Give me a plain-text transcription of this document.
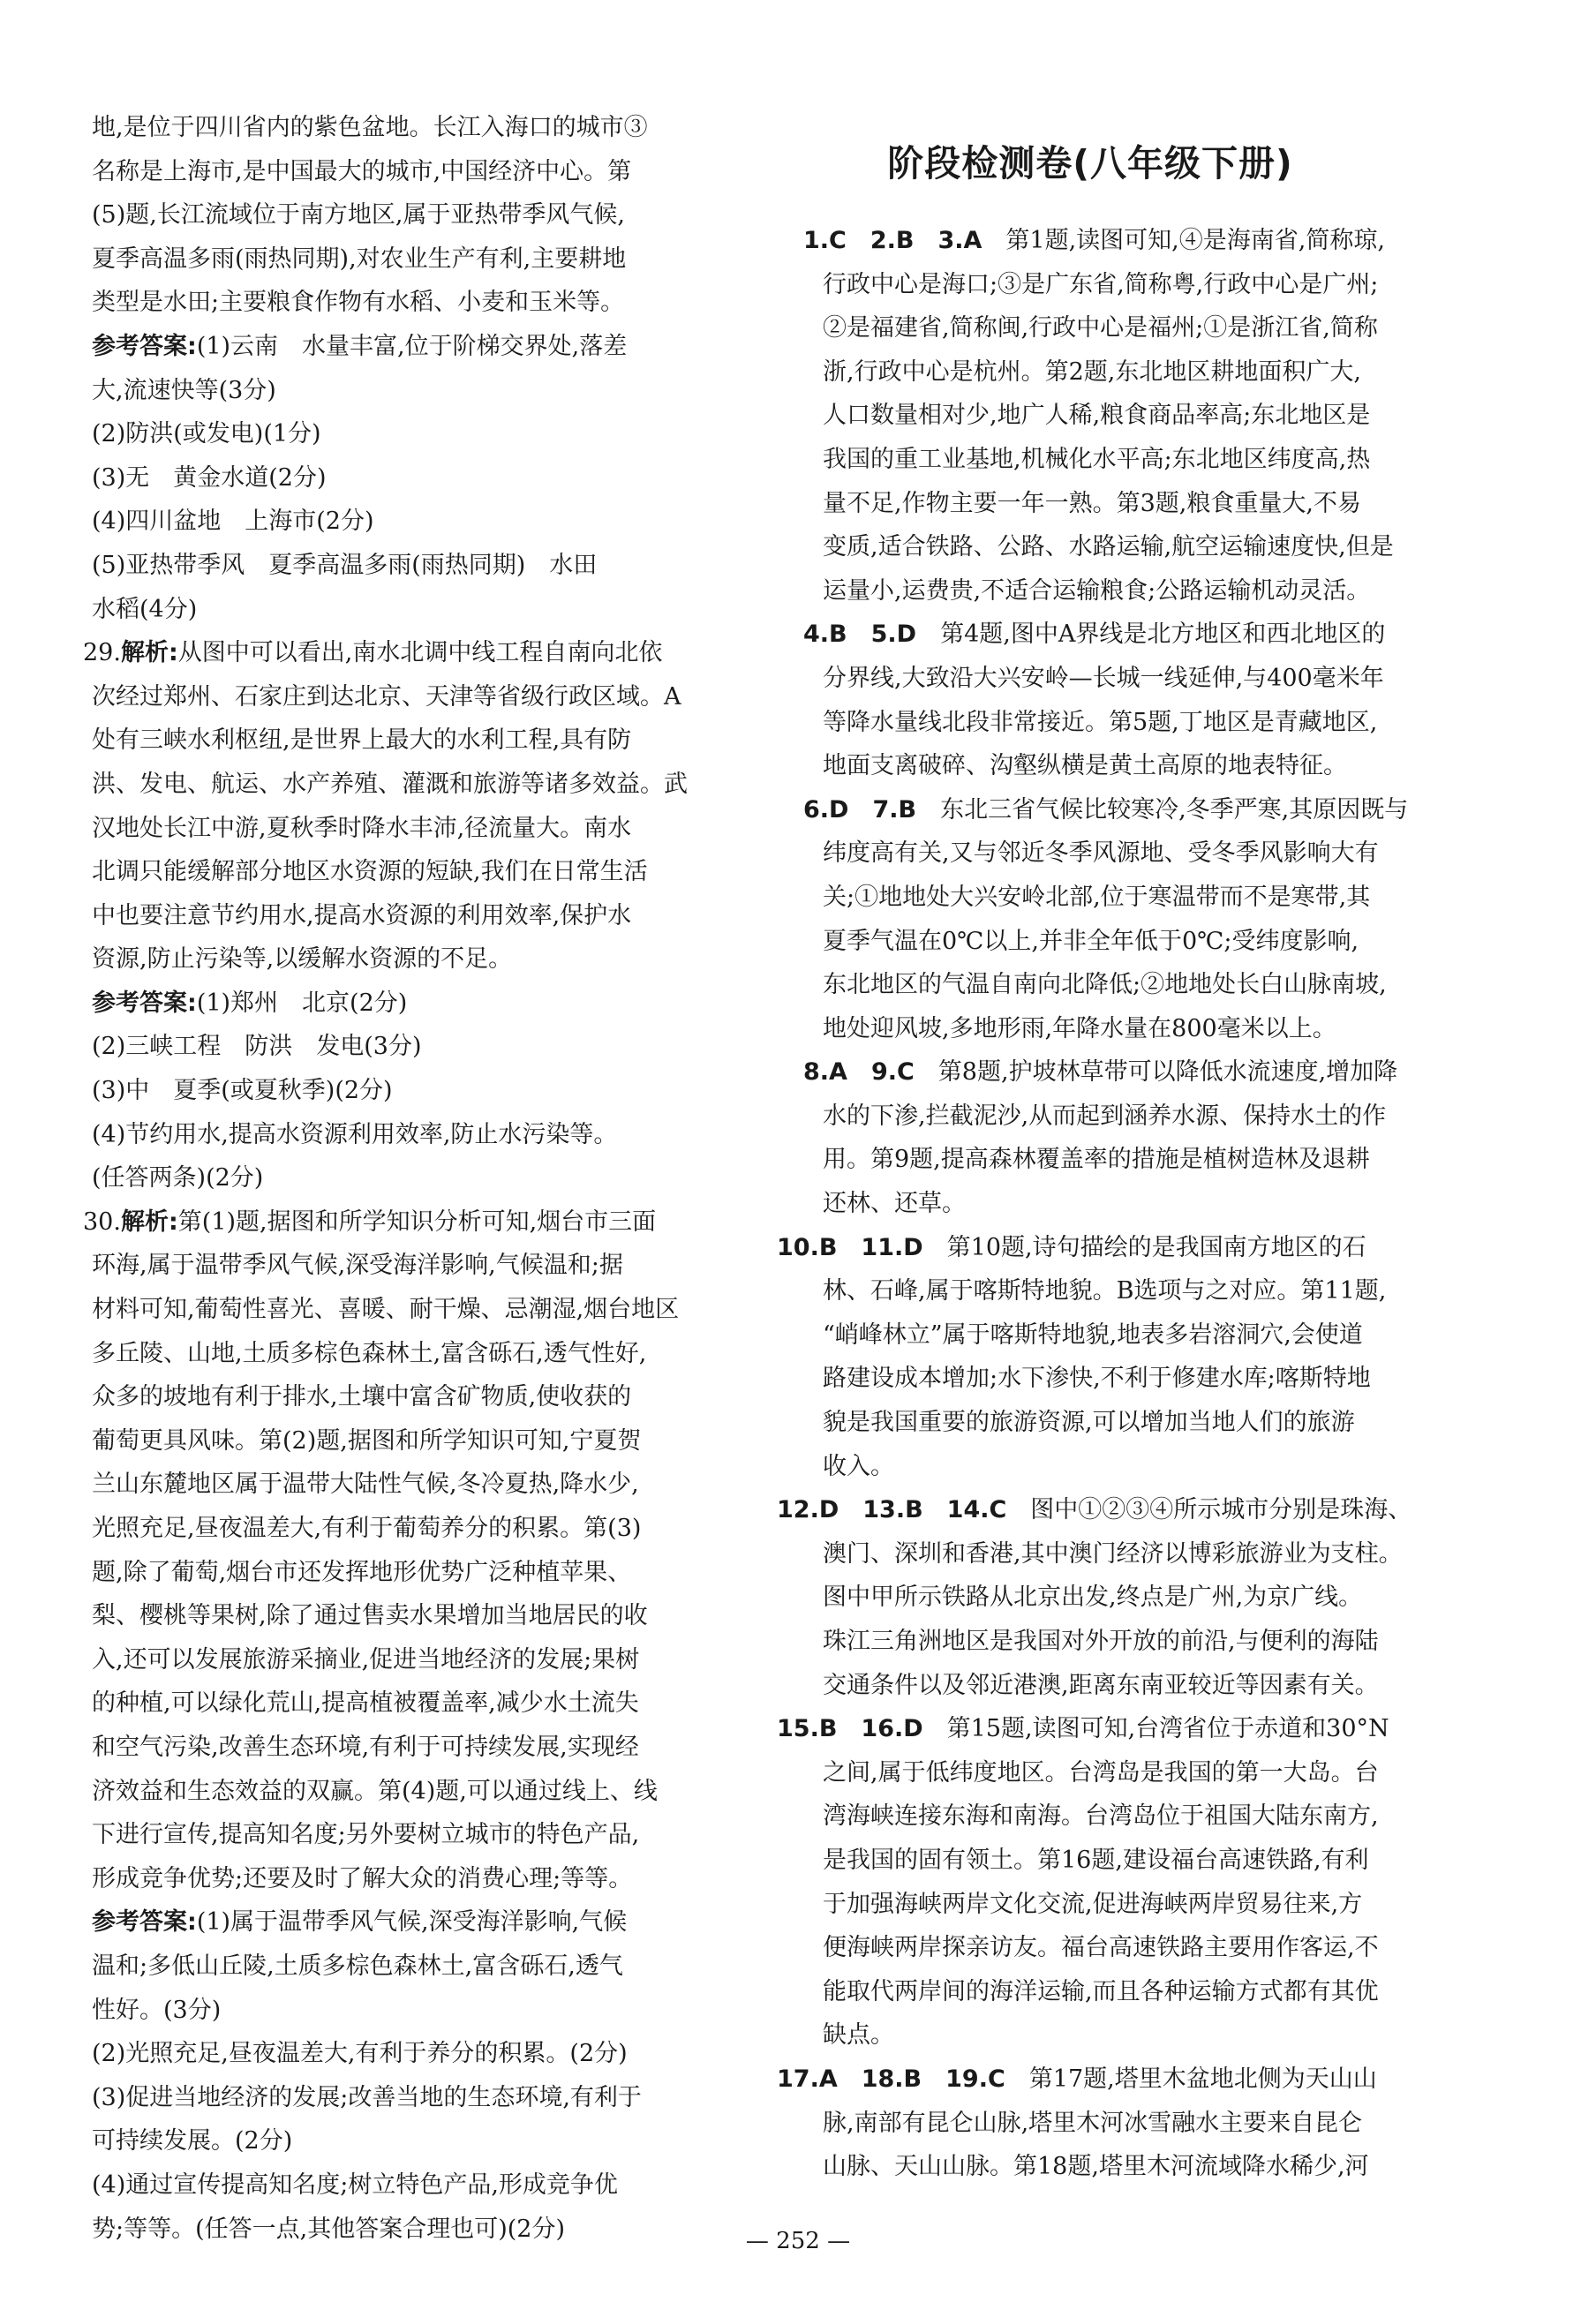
地,是位于四川省内的紫色盆地。长江入海口的城市③
名称是上海市,是中国最大的城市,中国经济中心。第
(5)题,长江流域位于南方地区,属于亚热带季风气候,
夏季高温多雨(雨热同期),对农业生产有利,主要耕地
类型是水田;主要粮食作物有水稻、小麦和玉米等。
参考答案:(1)云南　水量丰富,位于阶梯交界处,落差
大,流速快等(3分)
(2)防洪(或发电)(1分)
(3)无　黄金水道(2分)
(4)四川盆地　上海市(2分)
(5)亚热带季风　夏季高温多雨(雨热同期)　水田
水稻(4分)
29.解析:从图中可以看出,南水北调中线工程自南向北依
次经过郑州、石家庄到达北京、天津等省级行政区域。A
处有三峡水利枢纽,是世界上最大的水利工程,具有防
洪、发电、航运、水产养殖、灌溉和旅游等诸多效益。武
汉地处长江中游,夏秋季时降水丰沛,径流量大。南水
北调只能缓解部分地区水资源的短缺,我们在日常生活
中也要注意节约用水,提高水资源的利用效率,保护水
资源,防止污染等,以缓解水资源的不足。
参考答案:(1)郑州　北京(2分)
(2)三峡工程　防洪　发电(3分)
(3)中　夏季(或夏秋季)(2分)
(4)节约用水,提高水资源利用效率,防止水污染等。
(任答两条)(2分)
30.解析:第(1)题,据图和所学知识分析可知,烟台市三面
环海,属于温带季风气候,深受海洋影响,气候温和;据
材料可知,葡萄性喜光、喜暖、耐干燥、忌潮湿,烟台地区
多丘陵、山地,土质多棕色森林土,富含砾石,透气性好,
众多的坡地有利于排水,土壤中富含矿物质,使收获的
葡萄更具风味。第(2)题,据图和所学知识可知,宁夏贺
兰山东麓地区属于温带大陆性气候,冬冷夏热,降水少,
光照充足,昼夜温差大,有利于葡萄养分的积累。第(3)
题,除了葡萄,烟台市还发挥地形优势广泛种植苹果、
梨、樱桃等果树,除了通过售卖水果增加当地居民的收
入,还可以发展旅游采摘业,促进当地经济的发展;果树
的种植,可以绿化荒山,提高植被覆盖率,减少水土流失
和空气污染,改善生态环境,有利于可持续发展,实现经
济效益和生态效益的双赢。第(4)题,可以通过线上、线
下进行宣传,提高知名度;另外要树立城市的特色产品,
形成竞争优势;还要及时了解大众的消费心理;等等。
参考答案:(1)属于温带季风气候,深受海洋影响,气候
温和;多低山丘陵,土质多棕色森林土,富含砾石,透气
性好。(3分)
(2)光照充足,昼夜温差大,有利于养分的积累。(2分)
(3)促进当地经济的发展;改善当地的生态环境,有利于
可持续发展。(2分)
(4)通过宣传提高知名度;树立特色产品,形成竞争优
势;等等。(任答一点,其他答案合理也可)(2分)
阶段检测卷(八年级下册)
1.C　2.B　3.A　第1题,读图可知,④是海南省,简称琼,
行政中心是海口;③是广东省,简称粤,行政中心是广州;
②是福建省,简称闽,行政中心是福州;①是浙江省,简称
浙,行政中心是杭州。第2题,东北地区耕地面积广大,
人口数量相对少,地广人稀,粮食商品率高;东北地区是
我国的重工业基地,机械化水平高;东北地区纬度高,热
量不足,作物主要一年一熟。第3题,粮食重量大,不易
变质,适合铁路、公路、水路运输,航空运输速度快,但是
运量小,运费贵,不适合运输粮食;公路运输机动灵活。
4.B　5.D　第4题,图中A界线是北方地区和西北地区的
分界线,大致沿大兴安岭—长城一线延伸,与400毫米年
等降水量线北段非常接近。第5题,丁地区是青藏地区,
地面支离破碎、沟壑纵横是黄土高原的地表特征。
6.D　7.B　东北三省气候比较寒冷,冬季严寒,其原因既与
纬度高有关,又与邻近冬季风源地、受冬季风影响大有
关;①地地处大兴安岭北部,位于寒温带而不是寒带,其
夏季气温在0℃以上,并非全年低于0℃;受纬度影响,
东北地区的气温自南向北降低;②地地处长白山脉南坡,
地处迎风坡,多地形雨,年降水量在800毫米以上。
8.A　9.C　第8题,护坡林草带可以降低水流速度,增加降
水的下渗,拦截泥沙,从而起到涵养水源、保持水土的作
用。第9题,提高森林覆盖率的措施是植树造林及退耕
还林、还草。
10.B　11.D　第10题,诗句描绘的是我国南方地区的石
林、石峰,属于喀斯特地貌。B选项与之对应。第11题,
“峭峰林立”属于喀斯特地貌,地表多岩溶洞穴,会使道
路建设成本增加;水下渗快,不利于修建水库;喀斯特地
貌是我国重要的旅游资源,可以增加当地人们的旅游
收入。
12.D　13.B　14.C　图中①②③④所示城市分别是珠海、
澳门、深圳和香港,其中澳门经济以博彩旅游业为支柱。
图中甲所示铁路从北京出发,终点是广州,为京广线。
珠江三角洲地区是我国对外开放的前沿,与便利的海陆
交通条件以及邻近港澳,距离东南亚较近等因素有关。
15.B　16.D　第15题,读图可知,台湾省位于赤道和30°N
之间,属于低纬度地区。台湾岛是我国的第一大岛。台
湾海峡连接东海和南海。台湾岛位于祖国大陆东南方,
是我国的固有领土。第16题,建设福台高速铁路,有利
于加强海峡两岸文化交流,促进海峡两岸贸易往来,方
便海峡两岸探亲访友。福台高速铁路主要用作客运,不
能取代两岸间的海洋运输,而且各种运输方式都有其优
缺点。
17.A　18.B　19.C　第17题,塔里木盆地北侧为天山山
脉,南部有昆仑山脉,塔里木河冰雪融水主要来自昆仑
山脉、天山山脉。第18题,塔里木河流域降水稀少,河
— 252 —
